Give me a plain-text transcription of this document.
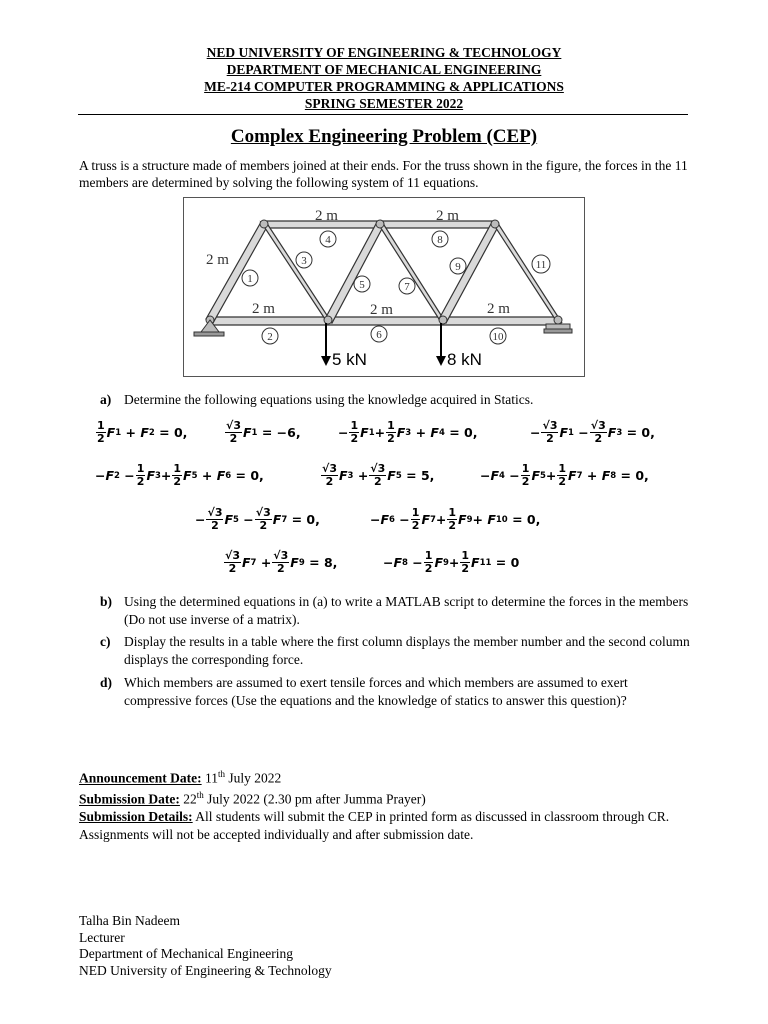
NED UNIVERSITY OF ENGINEERING & TECHNOLOGY
DEPARTMENT OF MECHANICAL ENGINEERING
ME-214 COMPUTER PROGRAMMING & APPLICATIONS
SPRING SEMESTER 2022
Complex Engineering Problem (CEP)
A truss is a structure made of members joined at their ends. For the truss shown in the figure, the forces in the 11 members are determined by solving the following system of 11 equations.
2 m	2 m
2 m
2 m	2 m	2 m
1
2
3
4
5
6
7
8
9
10
11
5 kN	8 kN
a) Determine the following equations using the knowledge acquired in Statics.
$\frac{1}{2}$ F 1 + F 2
= 0,	$\frac{√3}{2}$ F 1
= −6,	− $\frac{1}{2}$ F $1 + \frac{1}{2}$ F 3 + F 4
= 0,	− $\frac{√3}{2}$ F $1 - \frac{√3}{2}$ F 3
= 0,
− F $2 - \frac{1}{2}$ F $3 + \frac{1}{2}$ F 5 + F 6
= 0,	$\frac{√3}{2}$ F $3 + \frac{√3}{2}$ F 5
= 5,	− F $4 - \frac{1}{2}$ F $5 + \frac{1}{2}$ F 7 + F 8
= 0,
− $\frac{√3}{2}$ F $5 - \frac{√3}{2}$ F 7
= 0,	− F $6 - \frac{1}{2}$ F $7 + \frac{1}{2}$ F 9 + F 10
= 0,
$\frac{√3}{2}$ F $7 + \frac{√3}{2}$ F 9
= 8,	− F $8 - \frac{1}{2}$ F $9 + \frac{1}{2}$ F 11
= 0
b) Using the determined equations in (a) to write a MATLAB script to determine the forces in the members (Do not use inverse of a matrix).
c)	Display the results in a table where the first column displays the member number and the second column displays the corresponding force.
d) Which members are assumed to exert tensile forces and which members are assumed to exert compressive forces (Use the equations and the knowledge of statics to answer this question)?
Announcement Date: 11th July 2022
Submission Date: 22th July 2022 (2.30 pm after Jumma Prayer)
Submission Details: All students will submit the CEP in printed form as discussed in classroom through CR. Assignments will not be accepted individually and after submission date.
Talha Bin Nadeem
Lecturer
Department of Mechanical Engineering
NED University of Engineering & Technology
